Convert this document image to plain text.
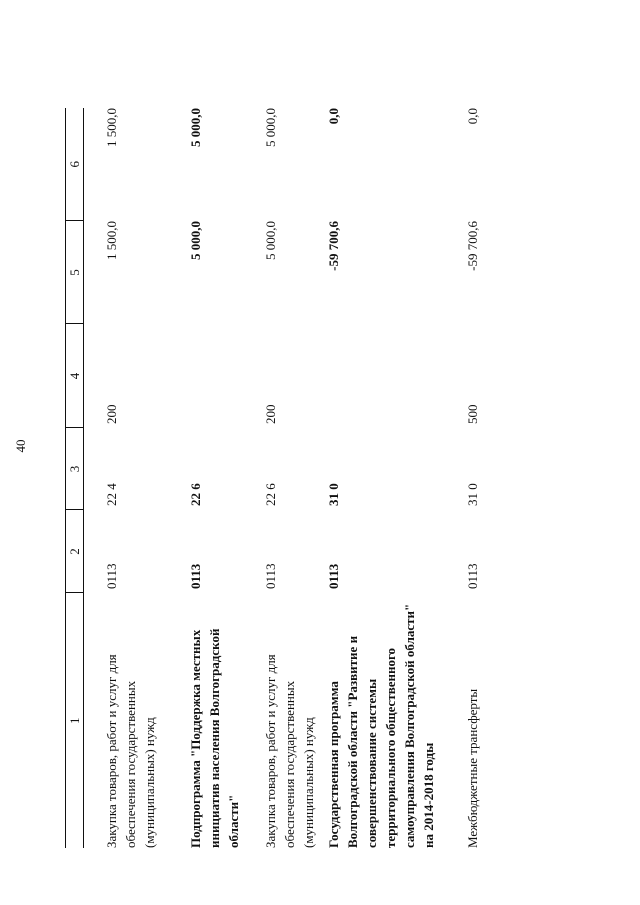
40
1	2	3	4	5	6
Закупка товаров, работ и услуг для обеспечения государственных (муниципальных) нужд	0113	22 4	200	1 500,0	1 500,0
Подпрограмма "Поддержка местных инициатив населения Волгоградской области"	0113	22 6		5 000,0	5 000,0
Закупка товаров, работ и услуг для обеспечения государственных (муниципальных) нужд	0113	22 6	200	5 000,0	5 000,0
Государственная программа Волгоградской области "Развитие и совершенствование системы территориального общественного самоуправления Волгоградской области" на 2014-2018 годы	0113	31 0		-59 700,6	0,0
Межбюджетные трансферты	0113	31 0	500	-59 700,6	0,0
